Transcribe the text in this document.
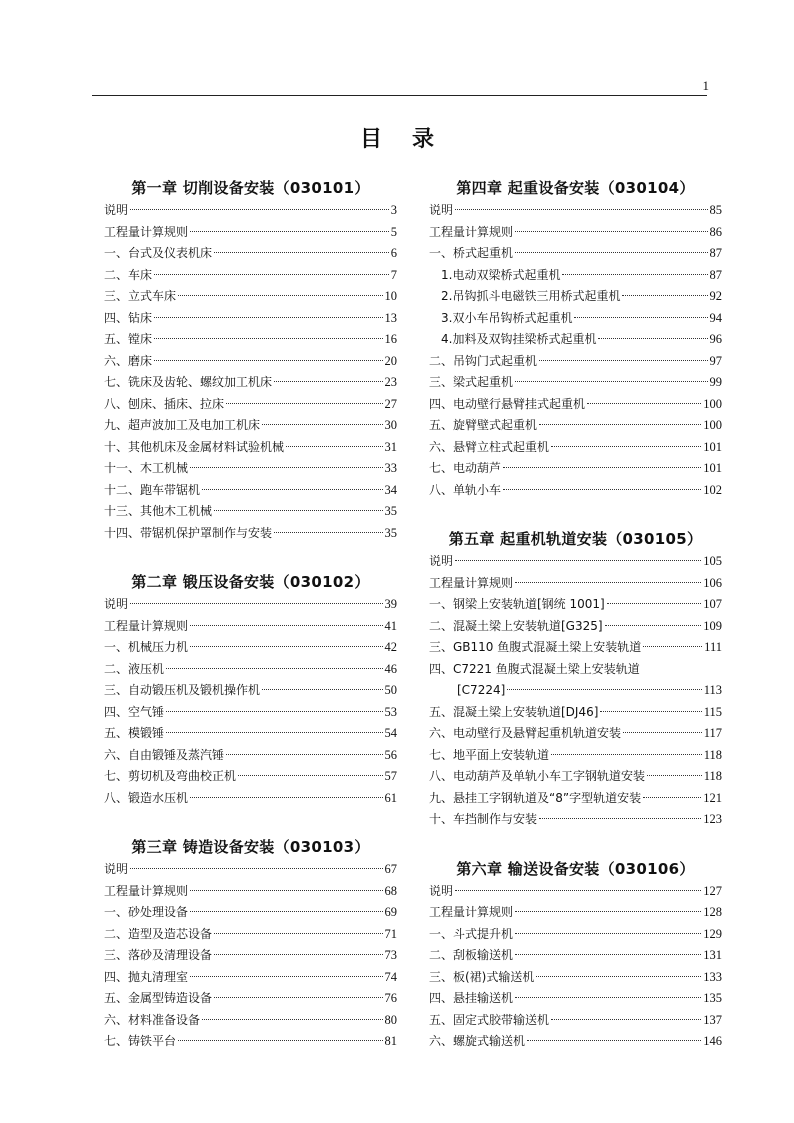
1
目录
第一章 切削设备安装（030101）
说明	3
工程量计算规则	5
一、台式及仪表机床	6
二、车床	7
三、立式车床	10
四、钻床	13
五、镗床	16
六、磨床	20
七、铣床及齿轮、螺纹加工机床	23
八、刨床、插床、拉床	27
九、超声波加工及电加工机床	30
十、其他机床及金属材料试验机械	31
十一、木工机械	33
十二、跑车带锯机	34
十三、其他木工机械	35
十四、带锯机保护罩制作与安装	35
第二章 锻压设备安装（030102）
说明	39
工程量计算规则	41
一、机械压力机	42
二、液压机	46
三、自动锻压机及锻机操作机	50
四、空气锤	53
五、模锻锤	54
六、自由锻锤及蒸汽锤	56
七、剪切机及弯曲校正机	57
八、锻造水压机	61
第三章 铸造设备安装（030103）
说明	67
工程量计算规则	68
一、砂处理设备	69
二、造型及造芯设备	71
三、落砂及清理设备	73
四、抛丸清理室	74
五、金属型铸造设备	76
六、材料准备设备	80
七、铸铁平台	81
第四章 起重设备安装（030104）
说明	85
工程量计算规则	86
一、桥式起重机	87
1.电动双梁桥式起重机	87
2.吊钩抓斗电磁铁三用桥式起重机	92
3.双小车吊钩桥式起重机	94
4.加料及双钩挂梁桥式起重机	96
二、吊钩门式起重机	97
三、梁式起重机	99
四、电动壁行悬臂挂式起重机	100
五、旋臂壁式起重机	100
六、悬臂立柱式起重机	101
七、电动葫芦	101
八、单轨小车	102
第五章 起重机轨道安装（030105）
说明	105
工程量计算规则	106
一、钢梁上安装轨道[钢统 1001]	107
二、混凝土梁上安装轨道[G325]	109
三、GB110 鱼腹式混凝土梁上安装轨道	111
四、C7221 鱼腹式混凝土梁上安装轨道
[C7224]	113
五、混凝土梁上安装轨道[DJ46]	115
六、电动壁行及悬臂起重机轨道安装	117
七、地平面上安装轨道	118
八、电动葫芦及单轨小车工字钢轨道安装	118
九、悬挂工字钢轨道及“8”字型轨道安装	121
十、车挡制作与安装	123
第六章 输送设备安装（030106）
说明	127
工程量计算规则	128
一、斗式提升机	129
二、刮板输送机	131
三、板(裙)式输送机	133
四、悬挂输送机	135
五、固定式胶带输送机	137
六、螺旋式输送机	146
